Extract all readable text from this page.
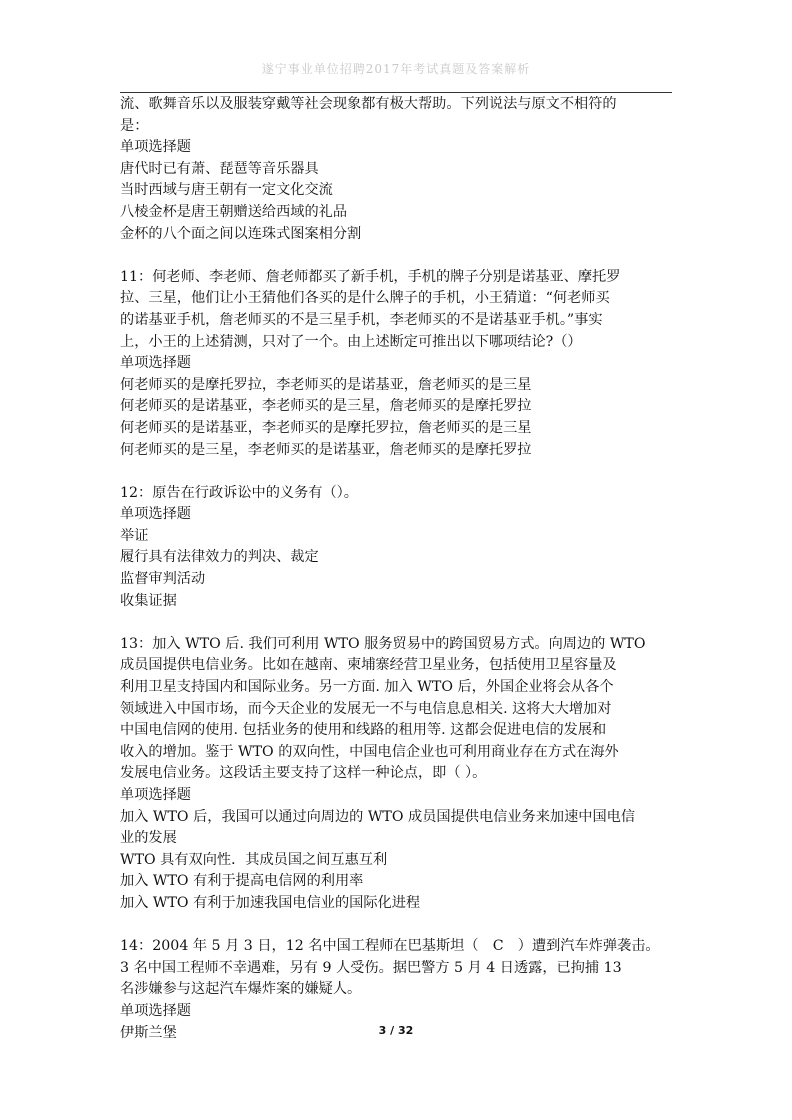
遂宁事业单位招聘2017年考试真题及答案解析
流、歌舞音乐以及服装穿戴等社会现象都有极大帮助。下列说法与原文不相符的
是：
单项选择题
唐代时已有萧、琵琶等音乐器具
当时西域与唐王朝有一定文化交流
八棱金杯是唐王朝赠送给西域的礼品
金杯的八个面之间以连珠式图案相分割
11：何老师、李老师、詹老师都买了新手机，手机的牌子分别是诺基亚、摩托罗
拉、三星，他们让小王猜他们各买的是什么牌子的手机，小王猜道：“何老师买
的诺基亚手机，詹老师买的不是三星手机，李老师买的不是诺基亚手机。”事实
上，小王的上述猜测，只对了一个。由上述断定可推出以下哪项结论?（）
单项选择题
何老师买的是摩托罗拉，李老师买的是诺基亚，詹老师买的是三星
何老师买的是诺基亚，李老师买的是三星，詹老师买的是摩托罗拉
何老师买的是诺基亚，李老师买的是摩托罗拉，詹老师买的是三星
何老师买的是三星，李老师买的是诺基亚，詹老师买的是摩托罗拉
12：原告在行政诉讼中的义务有（）。
单项选择题
举证
履行具有法律效力的判决、裁定
监督审判活动
收集证据
13：加入 WTO 后. 我们可利用 WTO 服务贸易中的跨国贸易方式。向周边的 WTO
成员国提供电信业务。比如在越南、柬埔寨经营卫星业务，包括使用卫星容量及
利用卫星支持国内和国际业务。另一方面. 加入 WTO 后，外国企业将会从各个
领域进入中国市场，而今天企业的发展无一不与电信息息相关. 这将大大增加对
中国电信网的使用. 包括业务的使用和线路的租用等. 这都会促进电信的发展和
收入的增加。鉴于 WTO 的双向性，中国电信企业也可利用商业存在方式在海外
发展电信业务。这段话主要支持了这样一种论点，即（ ）。
单项选择题
加入 WTO 后，我国可以通过向周边的 WTO 成员国提供电信业务来加速中国电信
业的发展
WTO 具有双向性．其成员国之间互惠互利
加入 WTO 有利于提高电信网的利用率
加入 WTO 有利于加速我国电信业的国际化进程
14：2004 年 5 月 3 日，12 名中国工程师在巴基斯坦（　C　）遭到汽车炸弹袭击。
3 名中国工程师不幸遇难，另有 9 人受伤。据巴警方 5 月 4 日透露，已拘捕 13
名涉嫌参与这起汽车爆炸案的嫌疑人。
单项选择题
伊斯兰堡	3 / 32
